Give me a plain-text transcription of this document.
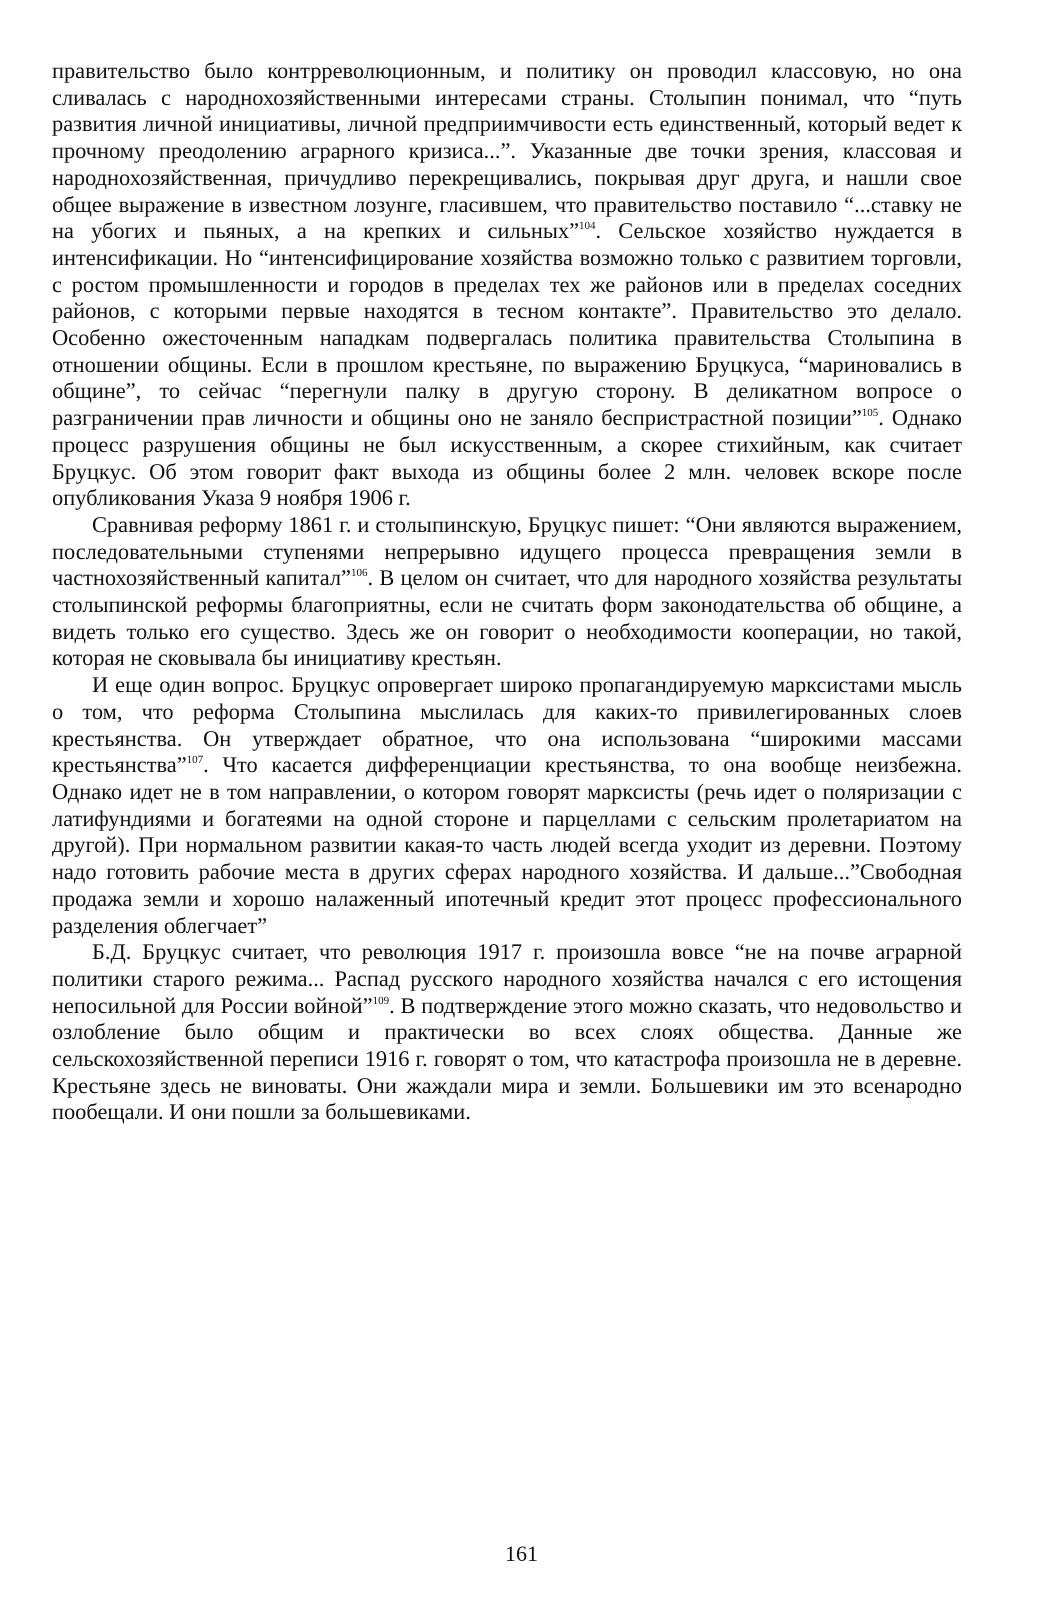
правительство было контрреволюционным, и политику он проводил классовую, но она сливалась с народнохозяйственными интересами страны. Столыпин понимал, что “путь развития личной инициативы, личной предприимчивости есть единственный, который ведет к прочному преодолению аграрного кризиса...”. Указанные две точки зрения, классовая и народнохозяйственная, причудливо перекрещивались, покрывая друг друга, и нашли свое общее выражение в известном лозунге, гласившем, что правительство поставило “...ставку не на убогих и пьяных, а на крепких и сильных”$^{104}$. Сельское хозяйство нуждается в интенсификации. Но “интенсифицирование хозяйства возможно только с развитием торговли, с ростом промышленности и городов в пределах тех же районов или в пределах соседних районов, с которыми первые находятся в тесном контакте”. Правительство это делало. Особенно ожесточенным нападкам подвергалась политика правительства Столыпина в отношении общины. Если в прошлом крестьяне, по выражению Бруцкуса, “мариновались в общине”, то сейчас “перегнули палку в другую сторону. В деликатном вопросе о разграничении прав личности и общины оно не заняло беспристрастной позиции”$^{105}$. Однако процесс разрушения общины не был искусственным, а скорее стихийным, как считает Бруцкус. Об этом говорит факт выхода из общины более 2 млн. человек вскоре после опубликования Указа 9 ноября 1906 г.

Сравнивая реформу 1861 г. и столыпинскую, Бруцкус пишет: “Они являются выражением, последовательными ступенями непрерывно идущего процесса превращения земли в частнохозяйственный капитал”$^{106}$. В целом он считает, что для народного хозяйства результаты столыпинской реформы благоприятны, если не считать форм законодательства об общине, а видеть только его существо. Здесь же он говорит о необходимости кооперации, но такой, которая не сковывала бы инициативу крестьян.

И еще один вопрос. Бруцкус опровергает широко пропагандируемую марксистами мысль о том, что реформа Столыпина мыслилась для каких-то привилегированных слоев крестьянства. Он утверждает обратное, что она использована “широкими массами крестьянства”$^{107}$. Что касается дифференциации крестьянства, то она вообще неизбежна. Однако идет не в том направлении, о котором говорят марксисты (речь идет о поляризации с латифундиями и богатеями на одной стороне и парцеллами с сельским пролетариатом на другой). При нормальном развитии какая-то часть людей всегда уходит из деревни. Поэтому надо готовить рабочие места в других сферах народного хозяйства. И дальше...”Свободная продажа земли и хорошо налаженный ипотечный кредит этот процесс профессионального разделения облегчает”

Б.Д. Бруцкус считает, что революция 1917 г. произошла вовсе “не на почве аграрной политики старого режима... Распад русского народного хозяйства начался с его истощения непосильной для России войной”$^{109}$. В подтверждение этого можно сказать, что недовольство и озлобление было общим и практически во всех слоях общества. Данные же сельскохозяйственной переписи 1916 г. говорят о том, что катастрофа произошла не в деревне. Крестьяне здесь не виноваты. Они жаждали мира и земли. Большевики им это всенародно пообещали. И они пошли за большевиками.

161
